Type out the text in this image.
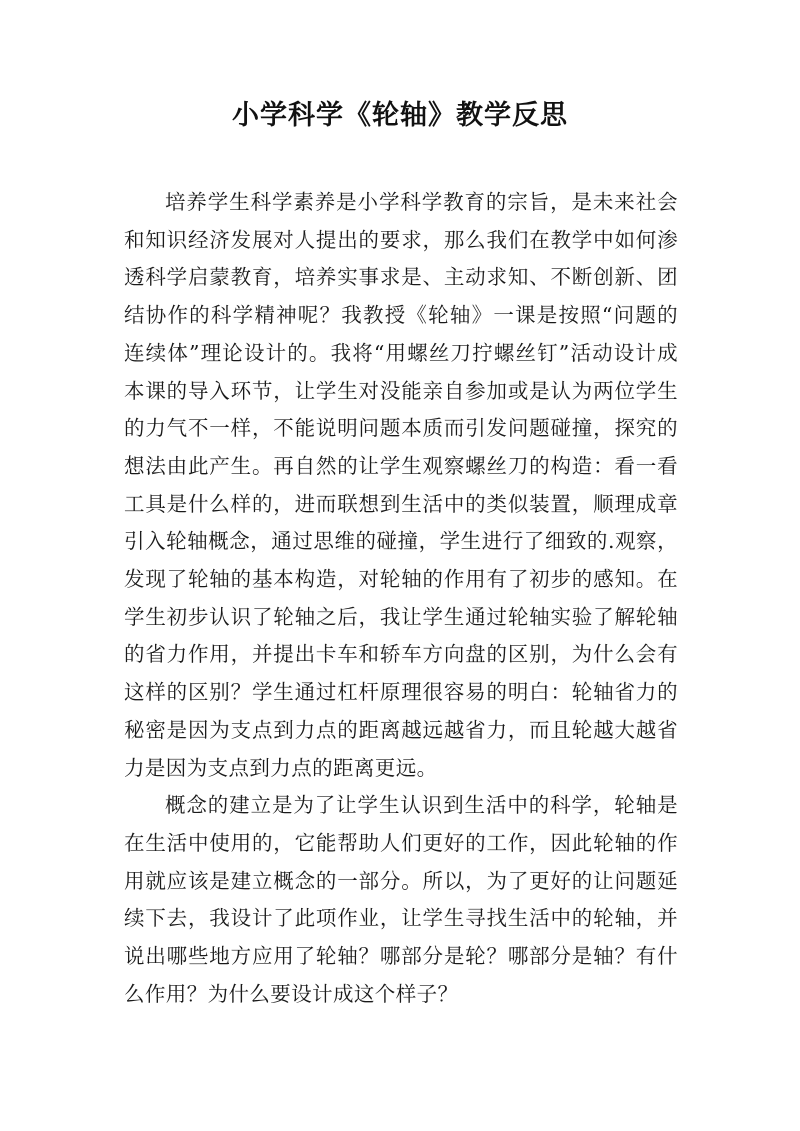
小学科学《轮轴》教学反思

培养学生科学素养是小学科学教育的宗旨，是未来社会和知识经济发展对人提出的要求，那么我们在教学中如何渗透科学启蒙教育，培养实事求是、主动求知、不断创新、团结协作的科学精神呢？我教授《轮轴》一课是按照“问题的连续体”理论设计的。我将“用螺丝刀拧螺丝钉”活动设计成本课的导入环节，让学生对没能亲自参加或是认为两位学生的力气不一样，不能说明问题本质而引发问题碰撞，探究的想法由此产生。再自然的让学生观察螺丝刀的构造：看一看工具是什么样的，进而联想到生活中的类似装置，顺理成章引入轮轴概念，通过思维的碰撞，学生进行了细致的.观察，发现了轮轴的基本构造，对轮轴的作用有了初步的感知。在学生初步认识了轮轴之后，我让学生通过轮轴实验了解轮轴的省力作用，并提出卡车和轿车方向盘的区别，为什么会有这样的区别？学生通过杠杆原理很容易的明白：轮轴省力的秘密是因为支点到力点的距离越远越省力，而且轮越大越省力是因为支点到力点的距离更远。

概念的建立是为了让学生认识到生活中的科学，轮轴是在生活中使用的，它能帮助人们更好的工作，因此轮轴的作用就应该是建立概念的一部分。所以，为了更好的让问题延续下去，我设计了此项作业，让学生寻找生活中的轮轴，并说出哪些地方应用了轮轴？哪部分是轮？哪部分是轴？有什么作用？为什么要设计成这个样子？
